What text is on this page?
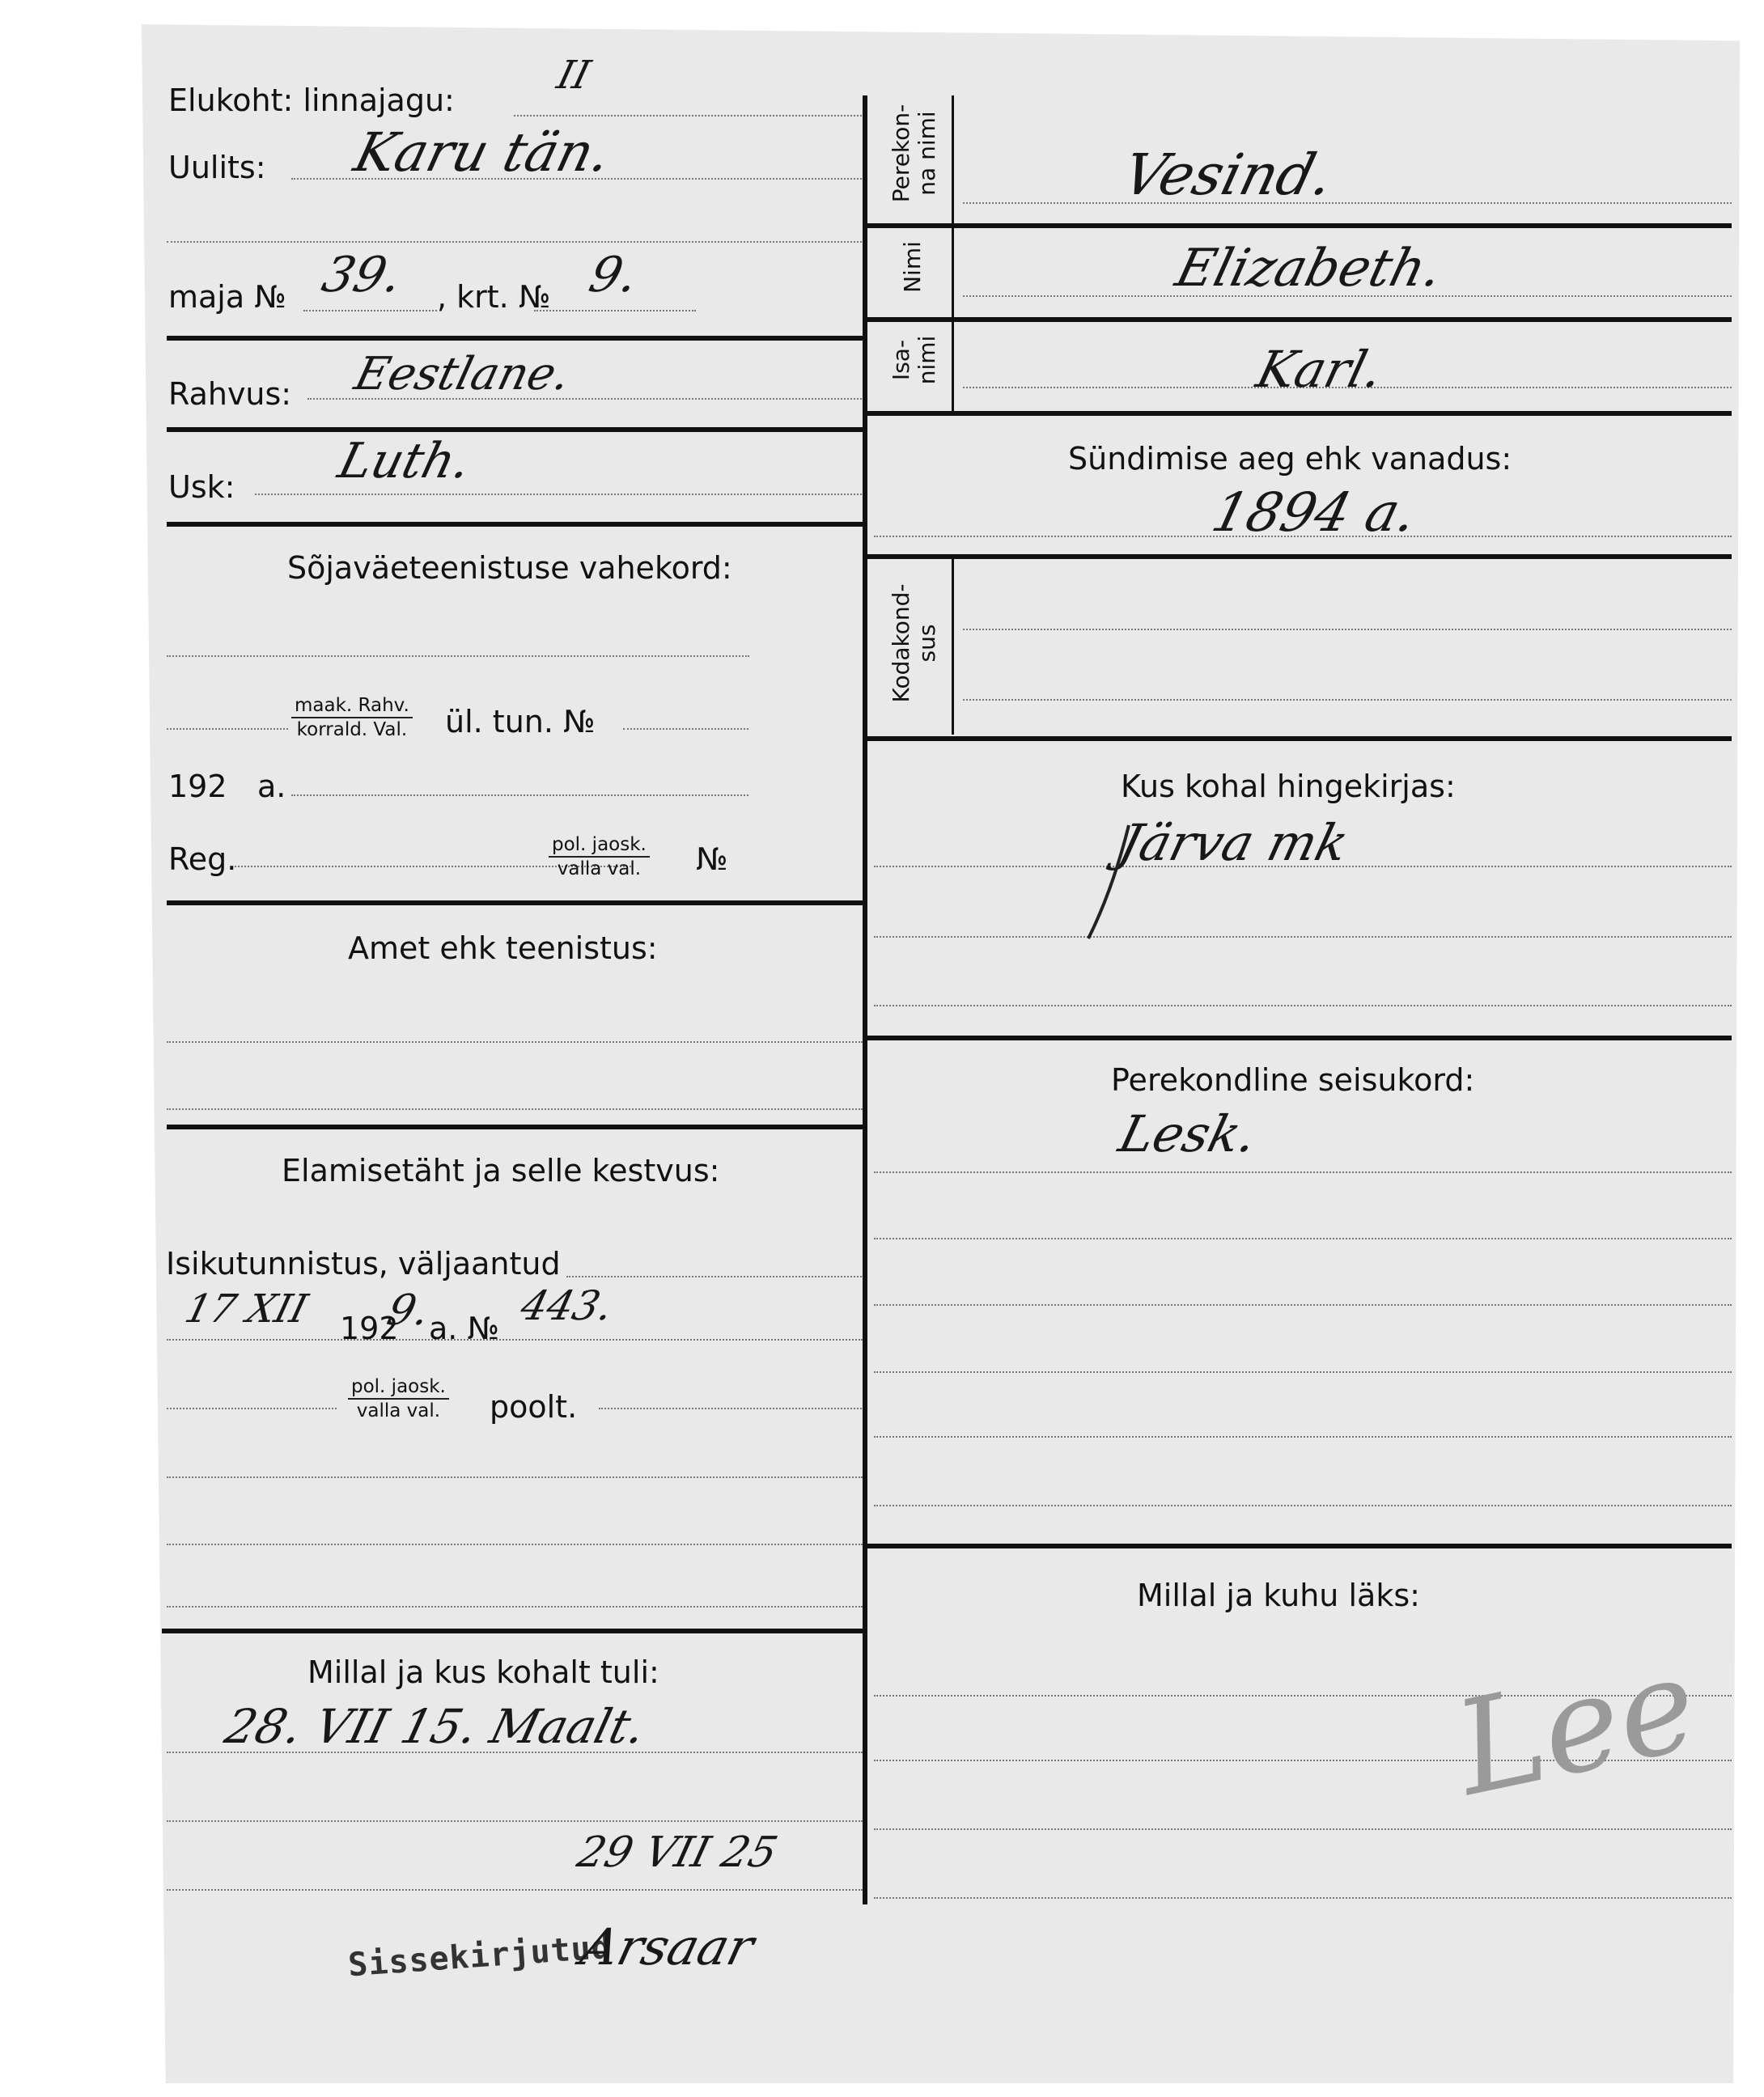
Elukoht: linnajagu:
II
Uulits: Karu tän.
maja № 39. , krt. № 9.
Rahvus: Eestlane.
Usk: Luth.
Sõjaväeteenistuse vahekord:
maak. Rahv.
korrald. Val. ül. tun. №
192 a.
Reg.	pol. jaosk.
valla val. №
Amet ehk teenistus:
Elamisetäht ja selle kestvus:
Isikutunnistus, väljaantud
17 XII 192
9.
a. № 443.
pol. jaosk.
valla val. poolt.
Millal ja kus kohalt tuli:
28. VII 15. Maalt.
29 VII 25
Sissekirjutud
Arsaar
Perekon-
na nimi
Vesind.
Nimi	Elizabeth.
Isa-
nimi	Karl.
Sündimise aeg ehk vanadus:
1894 a.
Kodakond-
sus
Kus kohal hingekirjas:
Järva mk
Perekondline seisukord:
Lesk.
Millal ja kuhu läks:
Lee
